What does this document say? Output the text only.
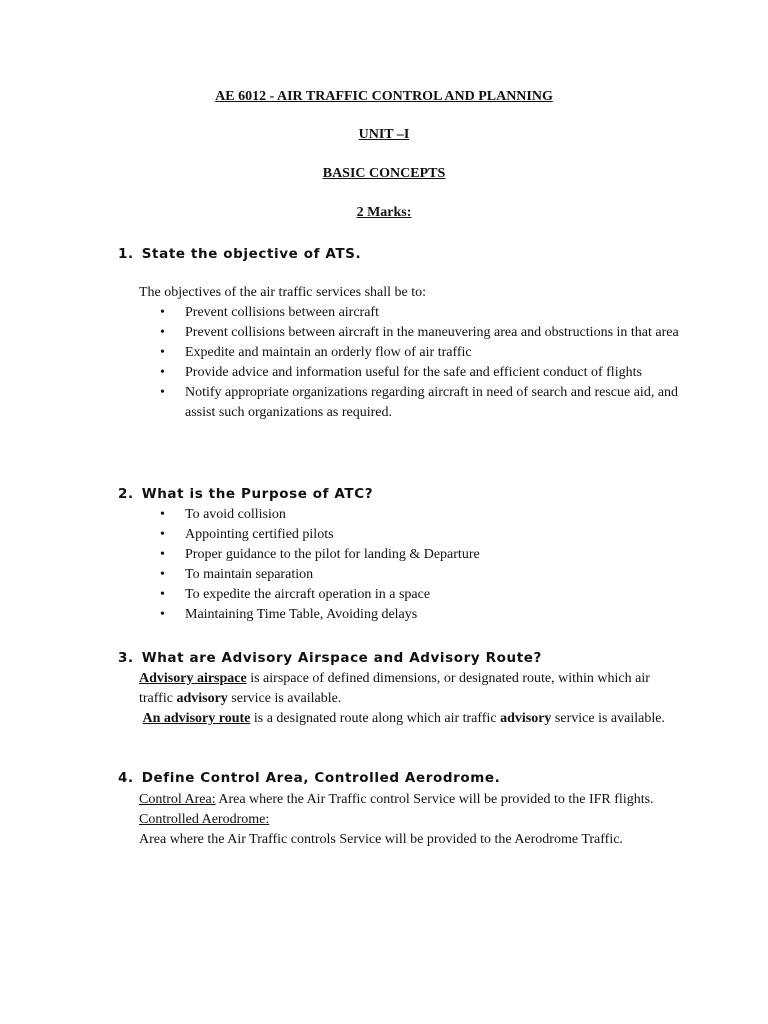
AE 6012 - AIR TRAFFIC CONTROL AND PLANNING
UNIT –I
BASIC CONCEPTS
2 Marks:
1. State the objective of ATS.
The objectives of the air traffic services shall be to:
• Prevent collisions between aircraft
• Prevent collisions between aircraft in the maneuvering area and obstructions in that area
• Expedite and maintain an orderly flow of air traffic
• Provide advice and information useful for the safe and efficient conduct of flights
• Notify appropriate organizations regarding aircraft in need of search and rescue aid, and assist such organizations as required.
2. What is the Purpose of ATC?
• To avoid collision
• Appointing certified pilots
• Proper guidance to the pilot for landing & Departure
• To maintain separation
• To expedite the aircraft operation in a space
• Maintaining Time Table, Avoiding delays
3. What are Advisory Airspace and Advisory Route?

Advisory airspace is airspace of defined dimensions, or designated route, within which air traffic advisory service is available.

An advisory route is a designated route along which air traffic advisory service is available.

4. Define Control Area, Controlled Aerodrome.

Control Area: Area where the Air Traffic control Service will be provided to the IFR flights.

Controlled Aerodrome:

Area where the Air Traffic controls Service will be provided to the Aerodrome Traffic.
